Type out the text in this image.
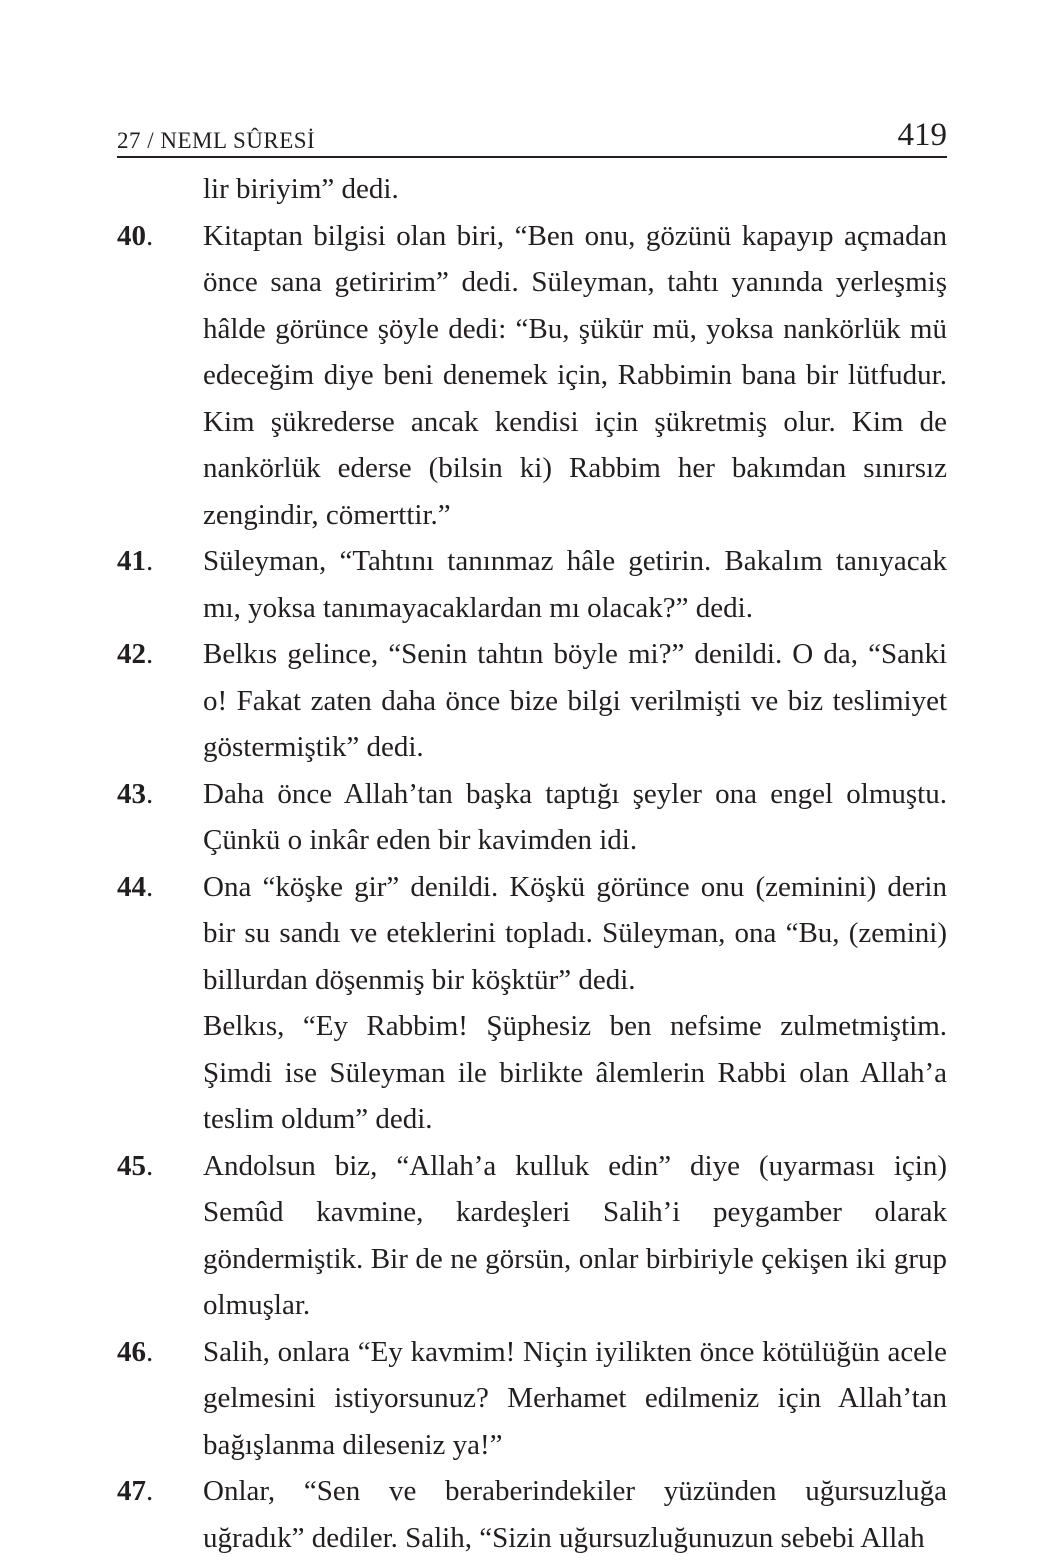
27 / NEML SÛRESİ	419
lir biriyim” dedi.
40.	Kitaptan bilgisi olan biri, “Ben onu, gözünü kapayıp açmadan önce sana getiririm” dedi. Süleyman, tahtı yanında yerleşmiş hâlde görünce şöyle dedi: “Bu, şükür mü, yoksa nankörlük mü edeceğim diye beni denemek için, Rabbimin bana bir lütfudur. Kim şükrederse ancak kendisi için şükretmiş olur. Kim de nankörlük ederse (bilsin ki) Rabbim her bakımdan sınırsız zengindir, cömerttir.”
41.	Süleyman, “Tahtını tanınmaz hâle getirin. Bakalım tanıyacak mı, yoksa tanımayacaklardan mı olacak?” dedi.
42.	Belkıs gelince, “Senin tahtın böyle mi?” denildi. O da, “Sanki o! Fakat zaten daha önce bize bilgi verilmişti ve biz teslimiyet göstermiştik” dedi.
43.	Daha önce Allah’tan başka taptığı şeyler ona engel olmuştu. Çünkü o inkâr eden bir kavimden idi.
44.	Ona “köşke gir” denildi. Köşkü görünce onu (zeminini) derin bir su sandı ve eteklerini topladı. Süleyman, ona “Bu, (zemini) billurdan döşenmiş bir köşktür” dedi.
Belkıs, “Ey Rabbim! Şüphesiz ben nefsime zulmetmiştim. Şimdi ise Süleyman ile birlikte âlemlerin Rabbi olan Allah’a teslim oldum” dedi.
45.	Andolsun biz, “Allah’a kulluk edin” diye (uyarması için) Semûd kavmine, kardeşleri Salih’i peygamber olarak göndermiştik. Bir de ne görsün, onlar birbiriyle çekişen iki grup olmuşlar.
46.	Salih, onlara “Ey kavmim! Niçin iyilikten önce kötülüğün acele gelmesini istiyorsunuz? Merhamet edilmeniz için Allah’tan bağışlanma dileseniz ya!”
47.	Onlar, “Sen ve beraberindekiler yüzünden uğursuzluğa uğradık” dediler. Salih, “Sizin uğursuzluğunuzun sebebi Allah
